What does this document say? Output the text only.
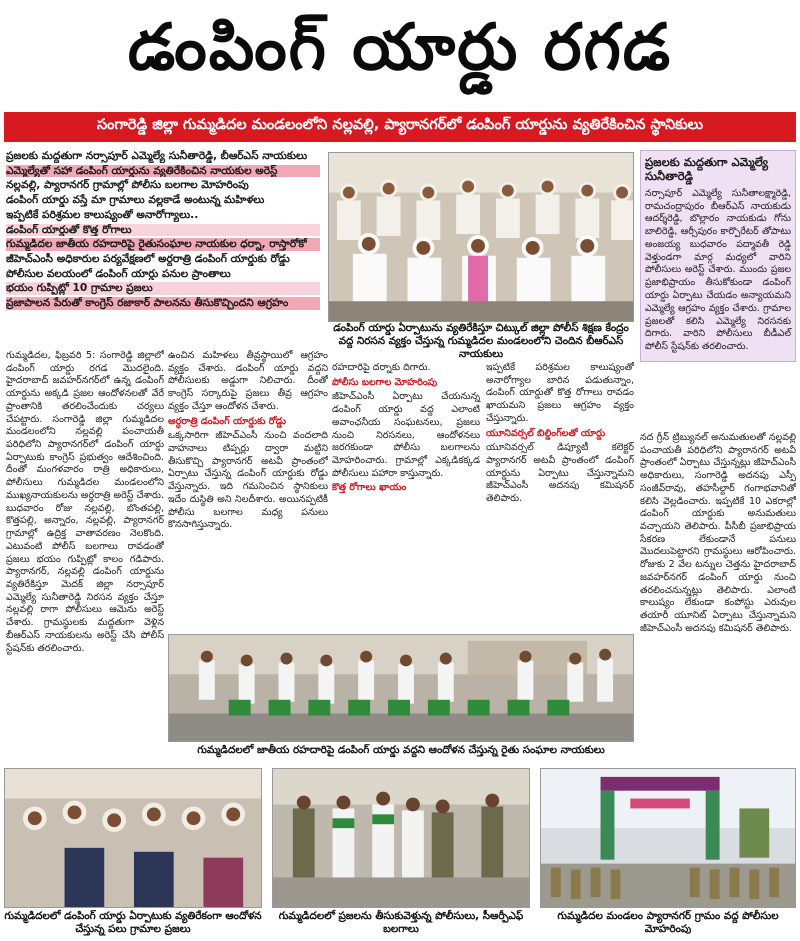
డంపింగ్ యార్డు రగడ
సంగారెడ్డి జిల్లా గుమ్మడిదల మండలంలోని నల్లవల్లి, ప్యారానగర్‌లో డంపింగ్ యార్డును వ్యతిరేకించిన స్థానికులు
ప్రజలకు మద్దతుగా నర్సాపూర్ ఎమ్మెల్యే సునీతారెడ్డి, బీఆర్ఎస్ నాయకులు
ఎమ్మెల్యేతో సహా డంపింగ్ యార్డును వ్యతిరేకించిన నాయకుల అరెస్ట్
నల్లవల్లి, ప్యారానగర్ గ్రామాల్లో పోలీసు బలగాల మోహరింపు
డంపింగ్ యార్డు వస్తే మా గ్రామాలు వల్లకాడే అంటున్న మహిళలు
ఇప్పటికే పరిశ్రమల కాలుష్యంతో అనారోగ్యాలు..
డంపింగ్ యార్డుతో కొత్త రోగాలు
గుమ్మడిదల జాతీయ రహదారిపై రైతుసంఘాల నాయకుల ధర్నా, రాస్తారోకో
జీహెచ్ఎంసీ అధికారుల పర్యవేక్షణలో అర్ధరాత్రి డంపింగ్ యార్డుకు రోడ్డు
పోలీసుల వలయంలో డంపింగ్ యార్డు పనుల ప్రాంతాలు
భయం గుప్పిట్లో 10 గ్రామాల ప్రజలు
ప్రజాపాలన పేరుతో కాంగ్రెస్ రజాకార్ పాలనను తీసుకొచ్చిందని ఆగ్రహం
డంపింగ్ యార్డు ఏర్పాటును వ్యతిరేకిస్తూ చిట్కుల్ జిల్లా పోలీస్ శిక్షణ కేంద్రం వద్ద నిరసన వ్యక్తం చేస్తున్న గుమ్మడిదల మండలంలోని చెందిన బీఆర్ఎస్ నాయకులు
ప్రజలకు మద్దతుగా ఎమ్మెల్యే సునీతారెడ్డి
నర్సాపూర్ ఎమ్మెల్యే సునీతాలక్ష్మారెడ్డి, రామచంద్రాపురం బీఆర్ఎస్ నాయకుడు ఆదర్శ్‌రెడ్డి, బొల్లారం నాయకుడు గోను బాలిరెడ్డి, ఆర్సీపురం కార్పొరేటర్ తోపాటు అంజయ్య బుధవారం పద్మావతీ రెడ్డి వెళ్తుండగా మార్గ మధ్యలో వారిని పోలీసులు అరెస్ట్ చేశారు. ముందు ప్రజల ప్రజాభిప్రాయం తీసుకోకుండా డంపింగ్ యార్డు ఏర్పాటు చేయడం అన్యాయమని ఎమ్మెల్యే ఆగ్రహం వ్యక్తం చేశారు. గ్రామాల ప్రజలతో కలిసి ఎమ్మెల్యే నిరసనకు దిగారు. వారిని పోలీసులు బీడీఎల్ పోలీస్ స్టేషన్‌కు తరలించారు.
గుమ్మడిదల, ఫిబ్రవరి 5: సంగారెడ్డి జిల్లాలో డంపింగ్ యార్డు రగడ మొదలైంది. హైదరాబాద్ జవహర్‌నగర్‌లో ఉన్న డంపింగ్ యార్డును అక్కడి ప్రజల ఆందోళనలతో వేరే ప్రాంతానికి తరలించేందుకు చర్యలు చేపట్టారు. సంగారెడ్డి జిల్లా గుమ్మడిదల మండలంలోని నల్లవల్లి పంచాయతీ పరిధిలోని ప్యారానగర్‌లో డంపింగ్ యార్డు ఏర్పాటుకు కాంగ్రెస్ ప్రభుత్వం ఆదేశించింది. దీంతో మంగళవారం రాత్రి అధికారులు, పోలీసులు గుమ్మడిదల మండలంలోని ముఖ్యనాయకులను అర్ధరాత్రి అరెస్ట్ చేశారు. బుధవారం రోజు నల్లవల్లి, బొంతపల్లి, కొత్తపల్లి, అన్నారం, నల్లవల్లి, ప్యారానగర్ గ్రామాల్లో ఉద్రిక్త వాతావరణం నెలకొంది. ఎటువంటి పోలీస్ బలగాలు రావడంతో ప్రజలు భయం గుప్పిట్లో కాలం గడిపారు. ప్యారానగర్, నల్లవల్లి డంపింగ్ యార్డును వ్యతిరేకిస్తూ మెదక్ జిల్లా నర్సాపూర్ ఎమ్మెల్యే సునీతారెడ్డి నిరసన వ్యక్తం చేస్తూ నల్లవల్లి రాగా పోలీసులు ఆమెను అరెస్ట్ చేశారు. గ్రామస్థులకు మద్దతుగా వెళ్లిన బీఆర్ఎస్ నాయకులను అరెస్ట్ చేసి పోలీస్ స్టేషన్‌కు తరలించారు.
ఉంచిన మహిళలు తీవ్రస్థాయిలో ఆగ్రహం వ్యక్తం చేశారు. డంపింగ్ యార్డు వద్దని పోలీసులకు అడ్డుగా నిలిచారు. దీంతో కాంగ్రెస్ సర్కారుపై ప్రజలు తీవ్ర ఆగ్రహం వ్యక్తం చేస్తూ ఆందోళన చేశారు.
అర్ధరాత్రి డంపింగ్ యార్డుకు రోడ్డు
ఒక్కసారిగా జీహెచ్ఎంసీ నుంచి వందలాది వాహనాలు టిప్పర్లు ద్వారా మట్టిని తీసుకొచ్చి ప్యారానగర్ అటవీ ప్రాంతంలో ఏర్పాటు చేస్తున్న డంపింగ్ యార్డుకు రోడ్డు వేస్తున్నారు. ఇది గమనించిన స్థానికులు ఇదేం దుస్థితి అని నిలదీశారు. అయినప్పటికీ పోలీసు బలగాల మధ్య పనులు కొనసాగిస్తున్నారు.
రహదారిపై దర్నాకు దిగారు.
పోలీసు బలగాల మోహరింపు
జీహెచ్ఎంసీ ఏర్పాటు చేయనున్న డంపింగ్ యార్డు వద్ద ఎలాంటి అవాంఛనీయ సంఘటనలు, ప్రజలు నుంచి నిరసనలు, ఆందోళనలు జరగకుండా పోలీసు బలగాలను మోహరించారు. గ్రామాల్లో ఎక్కడికక్కడ పోలీసులు పహారా కాస్తున్నారు.
కొత్త రోగాలు ఖాయం
ఇప్పటికే పరిశ్రమల కాలుష్యంతో అనారోగ్యాల బారిన పడుతున్నాం, డంపింగ్ యార్డుతో కొత్త రోగాలు రావడం ఖాయమని ప్రజలు ఆగ్రహం వ్యక్తం చేస్తున్నారు.
యూనివర్సల్ బిల్డింగ్‌లతో యార్డు
యూనివర్సల్ డిప్యూటీ కలెక్టర్ ప్యారానగర్ అటవీ ప్రాంతంలో డంపింగ్ యార్డును ఏర్పాటు చేస్తున్నామని జీహెచ్ఎంసీ అదనపు కమిషనర్ తెలిపారు.
నద గ్రీన్ ట్రిబ్యునల్ అనుమతులతో నల్లవల్లి పంచాయతీ పరిధిలోని ప్యారానగర్ అటవీ ప్రాంతంలో ఏర్పాటు చేస్తున్నట్లు జీహెచ్ఎంసీ అధికారులు, సంగారెడ్డి అదనపు ఎస్పీ సంజీవ్‌రావు, తహసీల్దార్ గంగాభవానితో కలిసి వెల్లడించారు. ఇప్పటికే 10 ఎకరాల్లో డంపింగ్ యార్డుకు అనుమతులు వచ్చాయని తెలిపారు. పీసీబీ ప్రజాభిప్రాయ సేకరణ లేకుండానే పనులు మొదలుపెట్టారని గ్రామస్థులు ఆరోపించారు. రోజుకు 2 వేల టన్నుల చెత్తను హైదరాబాద్ జవహర్‌నగర్ డంపింగ్ యార్డు నుంచి తరలించనున్నట్లు తెలిపారు. ఎలాంటి కాలుష్యం లేకుండా కంపోస్టు ఎరువుల తయారీ యూనిట్ ఏర్పాటు చేస్తున్నామని జీహెచ్ఎంసీ అదనపు కమిషనర్ తెలిపారు.
గుమ్మడిదలలో జాతీయ రహదారిపై డంపింగ్ యార్డు వద్దని ఆందోళన చేస్తున్న రైతు సంఘాల నాయకులు
గుమ్మడిదలలో డంపింగ్ యార్డు ఏర్పాటుకు వ్యతిరేకంగా ఆందోళన చేస్తున్న పలు గ్రామాల ప్రజలు
గుమ్మడిదలలో ప్రజలను తీసుకువెళ్తున్న పోలీసులు, సీఆర్పీఎఫ్ బలగాలు
గుమ్మడిదల మండలం ప్యారానగర్ గ్రామం వద్ద పోలీసుల మోహరింపు
